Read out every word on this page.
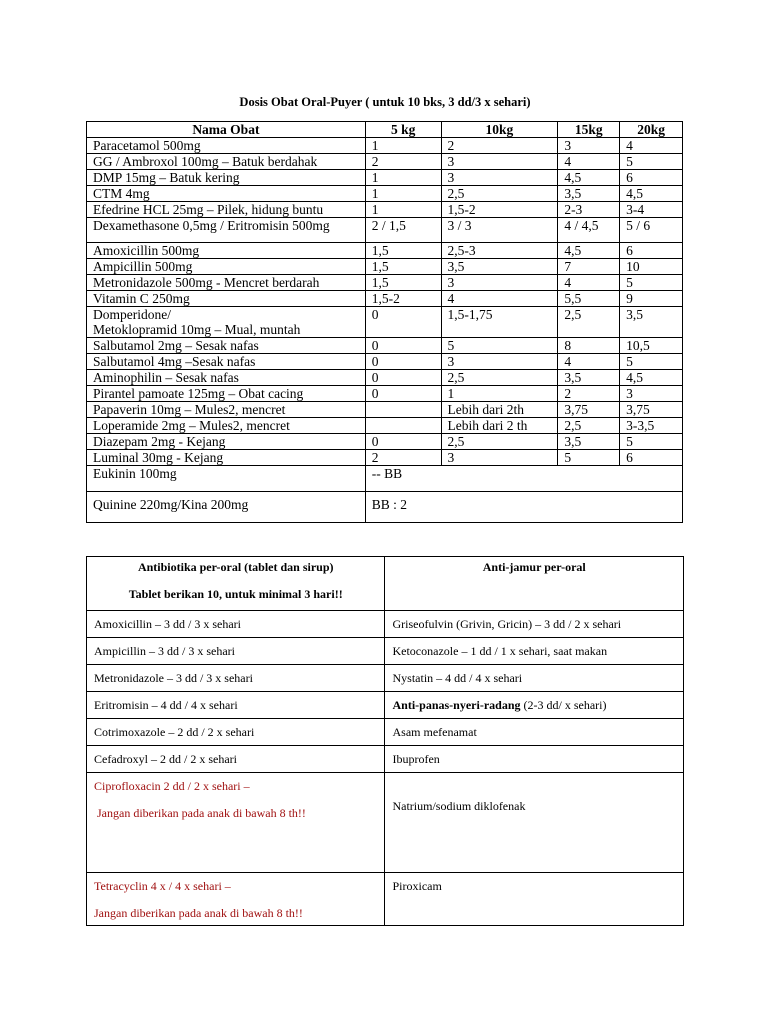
Dosis Obat Oral-Puyer ( untuk 10 bks, 3 dd/3 x sehari)
Nama Obat	5 kg	10kg	15kg	20kg
Paracetamol 500mg	1	2	3	4
GG / Ambroxol 100mg – Batuk berdahak	2	3	4	5
DMP 15mg – Batuk kering	1	3	4,5	6
CTM 4mg	1	2,5	3,5	4,5
Efedrine HCL 25mg – Pilek, hidung buntu	1	1,5-2	2-3	3-4
Dexamethasone 0,5mg / Eritromisin 500mg	2 / 1,5	3 / 3	4 / 4,5	5 / 6
Amoxicillin 500mg	1,5	2,5-3	4,5	6
Ampicillin 500mg	1,5	3,5	7	10
Metronidazole 500mg - Mencret berdarah	1,5	3	4	5
Vitamin C 250mg	1,5-2	4	5,5	9
Domperidone/	0	1,5-1,75	2,5	3,5
Metoklopramid 10mg – Mual, muntah				
Salbutamol 2mg – Sesak nafas	0	5	8	10,5
Salbutamol 4mg –Sesak nafas	0	3	4	5
Aminophilin – Sesak nafas	0	2,5	3,5	4,5
Pirantel pamoate 125mg – Obat cacing	0	1	2	3
Papaverin 10mg – Mules2, mencret		Lebih dari 2th	3,75	3,75
Loperamide 2mg – Mules2, mencret		Lebih dari 2 th	2,5	3-3,5
Diazepam 2mg - Kejang	0	2,5	3,5	5
Luminal 30mg - Kejang	2	3	5	6
Eukinin 100mg	-- BB			
Quinine 220mg/Kina 200mg	BB : 2			
Antibiotika per-oral (tablet dan sirup)
Tablet berikan 10, untuk minimal 3 hari!!	Anti-jamur per-oral
Amoxicillin – 3 dd / 3 x sehari	Griseofulvin (Grivin, Gricin) – 3 dd / 2 x sehari
Ampicillin – 3 dd / 3 x sehari	Ketoconazole – 1 dd / 1 x sehari, saat makan
Metronidazole – 3 dd / 3 x sehari	Nystatin – 4 dd / 4 x sehari
Eritromisin – 4 dd / 4 x sehari	Anti-panas-nyeri-radang (2-3 dd/ x sehari)
Cotrimoxazole – 2 dd / 2 x sehari	Asam mefenamat
Cefadroxyl – 2 dd / 2 x sehari	Ibuprofen
Ciprofloxacin 2 dd / 2 x sehari –
Jangan diberikan pada anak di bawah 8 th!!	Natrium/sodium diklofenak
Tetracyclin 4 x / 4 x sehari –
Jangan diberikan pada anak di bawah 8 th!!	Piroxicam
